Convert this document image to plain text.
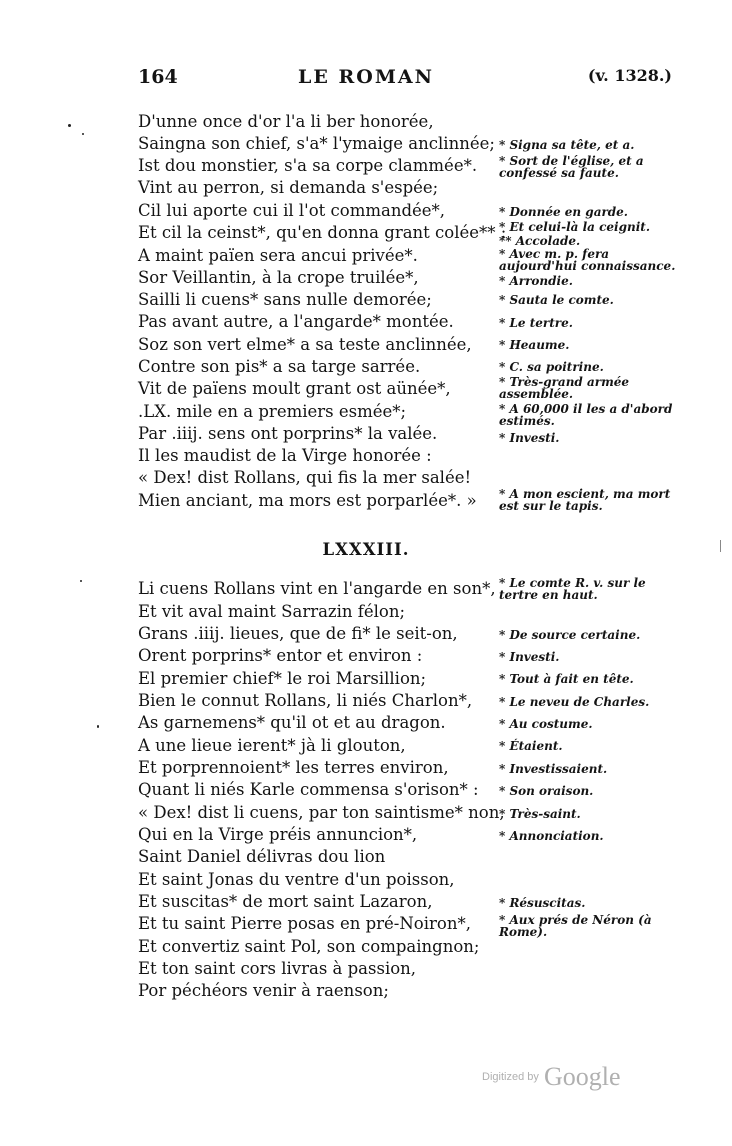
164	LE ROMAN	(v. 1328.)
D'unne once d'or l'a li ber honorée,
Saingna son chief, s'a* l'ymaige anclinnée;
Ist dou monstier, s'a sa corpe clammée*.
Vint au perron, si demanda s'espée;
Cil lui aporte cui il l'ot commandée*,
Et cil la ceinst*, qu'en donna grant colée** :
A maint païen sera ancui privée*.
Sor Veillantin, à la crope truilée*,
Sailli li cuens* sans nulle demorée;
Pas avant autre, a l'angarde* montée.
Soz son vert elme* a sa teste anclinnée,
Contre son pis* a sa targe sarrée.
Vit de païens moult grant ost aünée*,
.LX. mile en a premiers esmée*;
Par .iiij. sens ont porprins* la valée.
Il les maudist de la Virge honorée :
« Dex! dist Rollans, qui fis la mer salée!
Mien anciant, ma mors est porparlée*. »
LXXXIII.
Li cuens Rollans vint en l'angarde en son*,
Et vit aval maint Sarrazin félon;
Grans .iiij. lieues, que de fi* le seit-on,
Orent porprins* entor et environ :
El premier chief* le roi Marsillion;
Bien le connut Rollans, li niés Charlon*,
As garnemens* qu'il ot et au dragon.
A une lieue ierent* jà li glouton,
Et porprennoient* les terres environ,
Quant li niés Karle commensa s'orison* :
« Dex! dist li cuens, par ton saintisme* non,
Qui en la Virge préis annuncion*,
Saint Daniel délivras dou lion
Et saint Jonas du ventre d'un poisson,
Et suscitas* de mort saint Lazaron,
Et tu saint Pierre posas en pré-Noiron*,
Et convertiz saint Pol, son compaingnon;
Et ton saint cors livras à passion,
Por péchéors venir à raenson;
* Signa sa tête, et a.
* Sort de l'église, et a confessé sa faute.
* Donnée en garde.
* Et celui-là la ceignit.
** Accolade.
* Avec m. p. fera aujourd'hui connaissance.
* Arrondie.
* Sauta le comte.
* Le tertre.
* Heaume.
* C. sa poitrine.
* Très-grand armée assemblée.
* A 60,000 il les a d'abord estimés.
* Investi.
* A mon escient, ma mort est sur le tapis.
* Le comte R. v. sur le tertre en haut.
* De source certaine.
* Investi.
* Tout à fait en tête.
* Le neveu de Charles.
* Au costume.
* Étaient.
* Investissaient.
* Son oraison.
* Très-saint.
* Annonciation.
* Résuscitas.
* Aux prés de Néron (à Rome).
Digitized by Google
